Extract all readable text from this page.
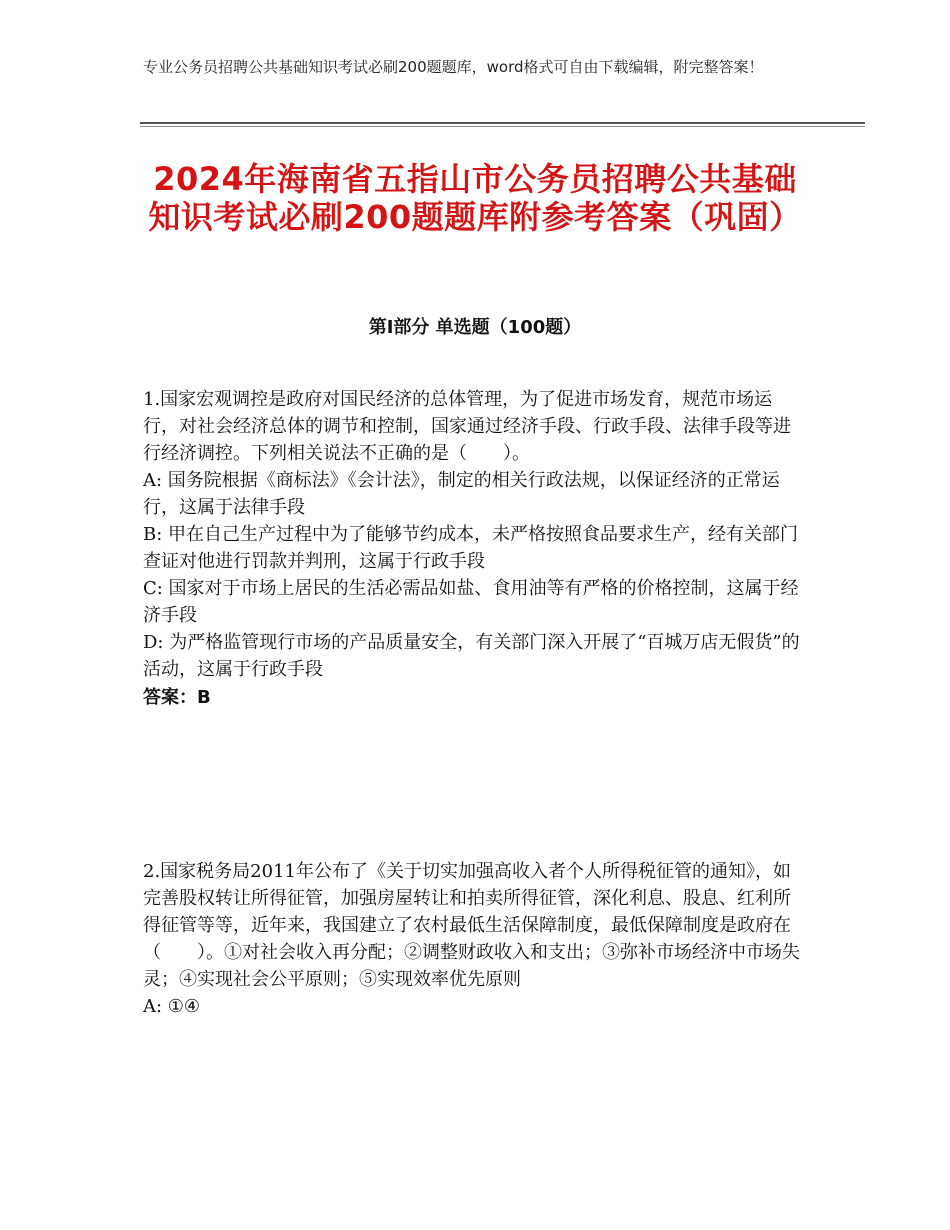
专业公务员招聘公共基础知识考试必刷200题题库，word格式可自由下载编辑，附完整答案！
2024年海南省五指山市公务员招聘公共基础知识考试必刷200题题库附参考答案（巩固）
第Ⅰ部分 单选题（100题）

1.国家宏观调控是政府对国民经济的总体管理，为了促进市场发育，规范市场运行，对社会经济总体的调节和控制，国家通过经济手段、行政手段、法律手段等进行经济调控。下列相关说法不正确的是（　　）。

A: 国务院根据《商标法》《会计法》，制定的相关行政法规，以保证经济的正常运行，这属于法律手段

B: 甲在自己生产过程中为了能够节约成本，未严格按照食品要求生产，经有关部门查证对他进行罚款并判刑，这属于行政手段

C: 国家对于市场上居民的生活必需品如盐、食用油等有严格的价格控制，这属于经济手段

D: 为严格监管现行市场的产品质量安全，有关部门深入开展了“百城万店无假货”的活动，这属于行政手段

答案：B

2.国家税务局2011年公布了《关于切实加强高收入者个人所得税征管的通知》，如完善股权转让所得征管，加强房屋转让和拍卖所得征管，深化利息、股息、红利所得征管等等，近年来，我国建立了农村最低生活保障制度，最低保障制度是政府在（　　）。①对社会收入再分配；②调整财政收入和支出；③弥补市场经济中市场失灵；④实现社会公平原则；⑤实现效率优先原则

A: ①④
